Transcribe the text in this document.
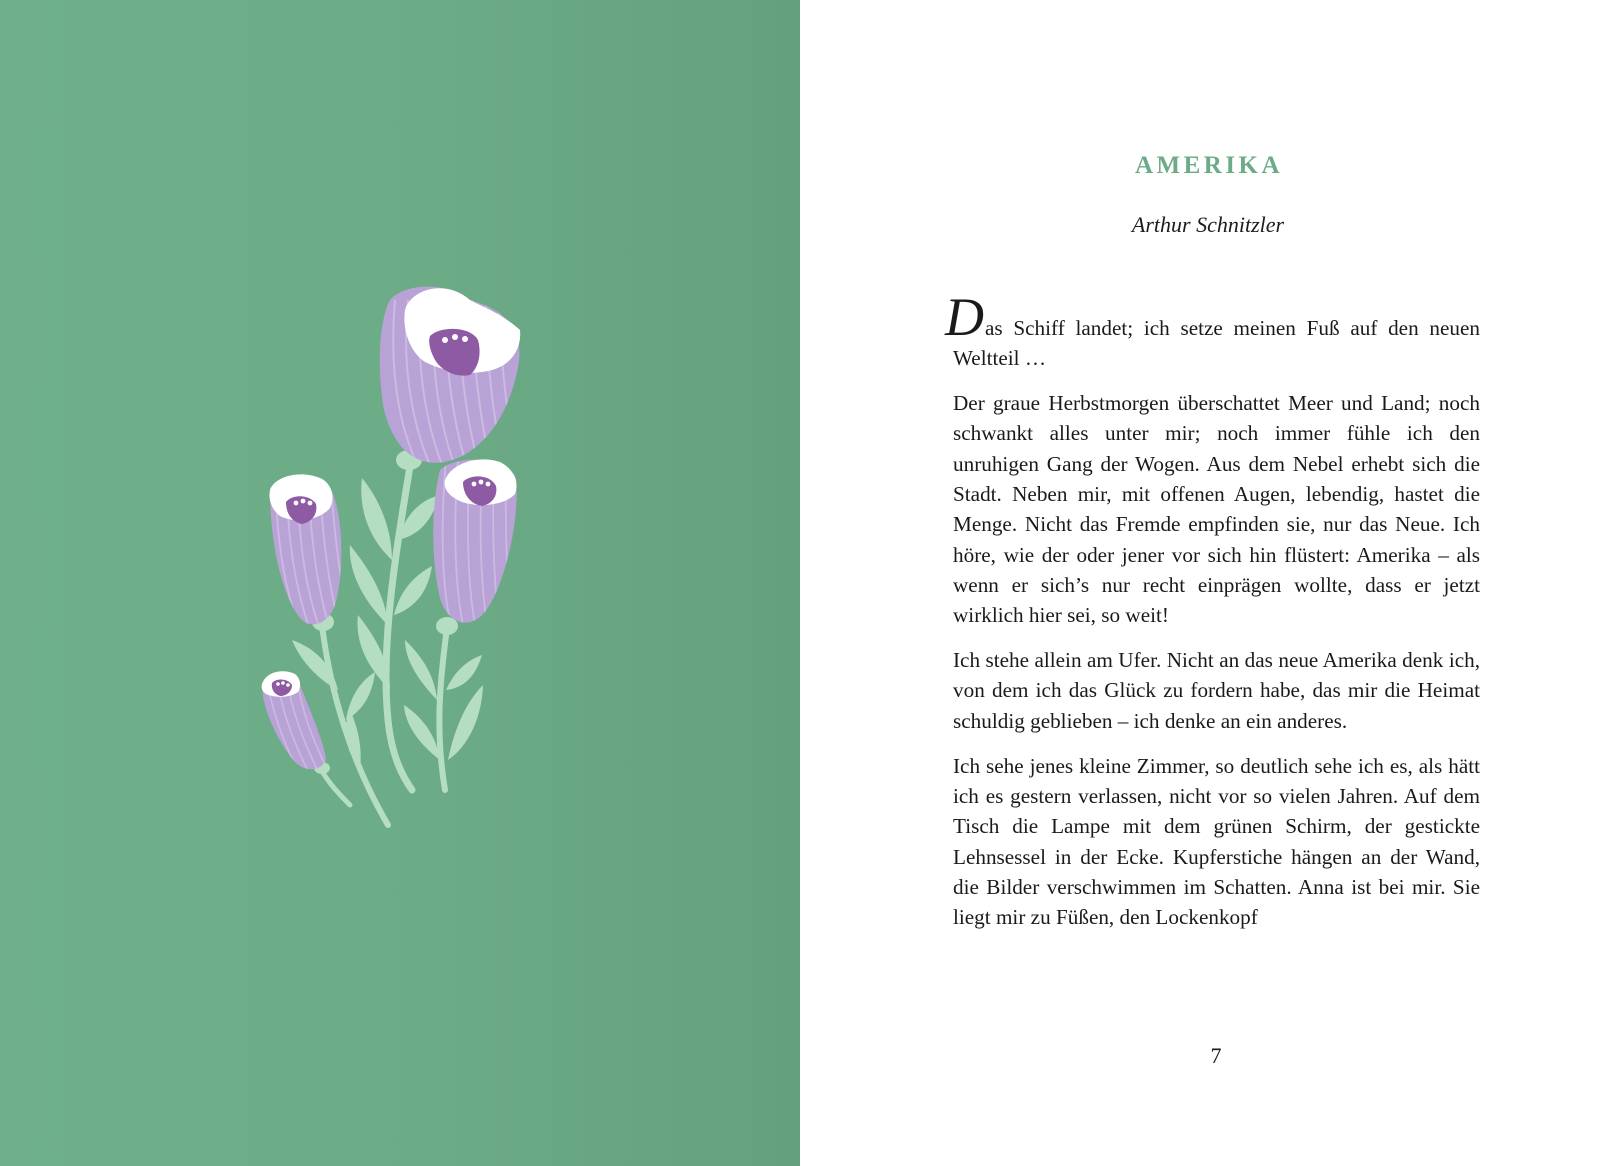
AMERIKA
Arthur Schnitzler

Das Schiff landet; ich setze meinen Fuß auf den neuen Weltteil …

Der graue Herbstmorgen überschattet Meer und Land; noch schwankt alles unter mir; noch immer fühle ich den unruhigen Gang der Wogen. Aus dem Nebel erhebt sich die Stadt. Neben mir, mit offenen Augen, lebendig, hastet die Menge. Nicht das Fremde empfinden sie, nur das Neue. Ich höre, wie der oder jener vor sich hin flüstert: Amerika – als wenn er sich’s nur recht einprägen wollte, dass er jetzt wirklich hier sei, so weit!

Ich stehe allein am Ufer. Nicht an das neue Amerika denk ich, von dem ich das Glück zu fordern habe, das mir die Heimat schuldig geblieben – ich denke an ein anderes.

Ich sehe jenes kleine Zimmer, so deutlich sehe ich es, als hätt ich es gestern verlassen, nicht vor so vielen Jahren. Auf dem Tisch die Lampe mit dem grünen Schirm, der gestickte Lehnsessel in der Ecke. Kupferstiche hängen an der Wand, die Bilder verschwimmen im Schatten. Anna ist bei mir. Sie liegt mir zu Füßen, den Lockenkopf

7
